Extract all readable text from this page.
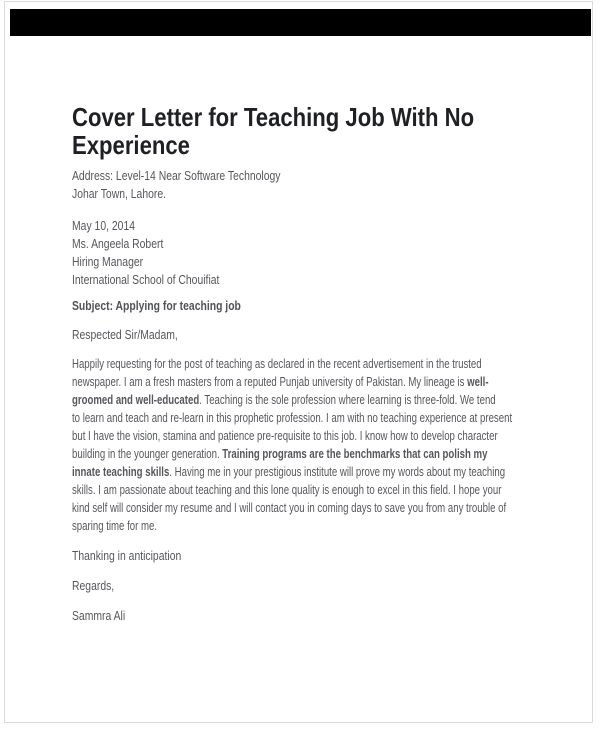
Cover Letter for Teaching Job With No
Experience
Address: Level-14 Near Software Technology
Johar Town, Lahore.
May 10, 2014
Ms. Angeela Robert
Hiring Manager
International School of Chouifiat
Subject: Applying for teaching job
Respected Sir/Madam,
Happily requesting for the post of teaching as declared in the recent advertisement in the trusted
newspaper. I am a fresh masters from a reputed Punjab university of Pakistan. My lineage is well-
groomed and well-educated. Teaching is the sole profession where learning is three-fold. We tend
to learn and teach and re-learn in this prophetic profession. I am with no teaching experience at present
but I have the vision, stamina and patience pre-requisite to this job. I know how to develop character
building in the younger generation. Training programs are the benchmarks that can polish my
innate teaching skills. Having me in your prestigious institute will prove my words about my teaching
skills. I am passionate about teaching and this lone quality is enough to excel in this field. I hope your
kind self will consider my resume and I will contact you in coming days to save you from any trouble of
sparing time for me.
Thanking in anticipation
Regards,
Sammra Ali
